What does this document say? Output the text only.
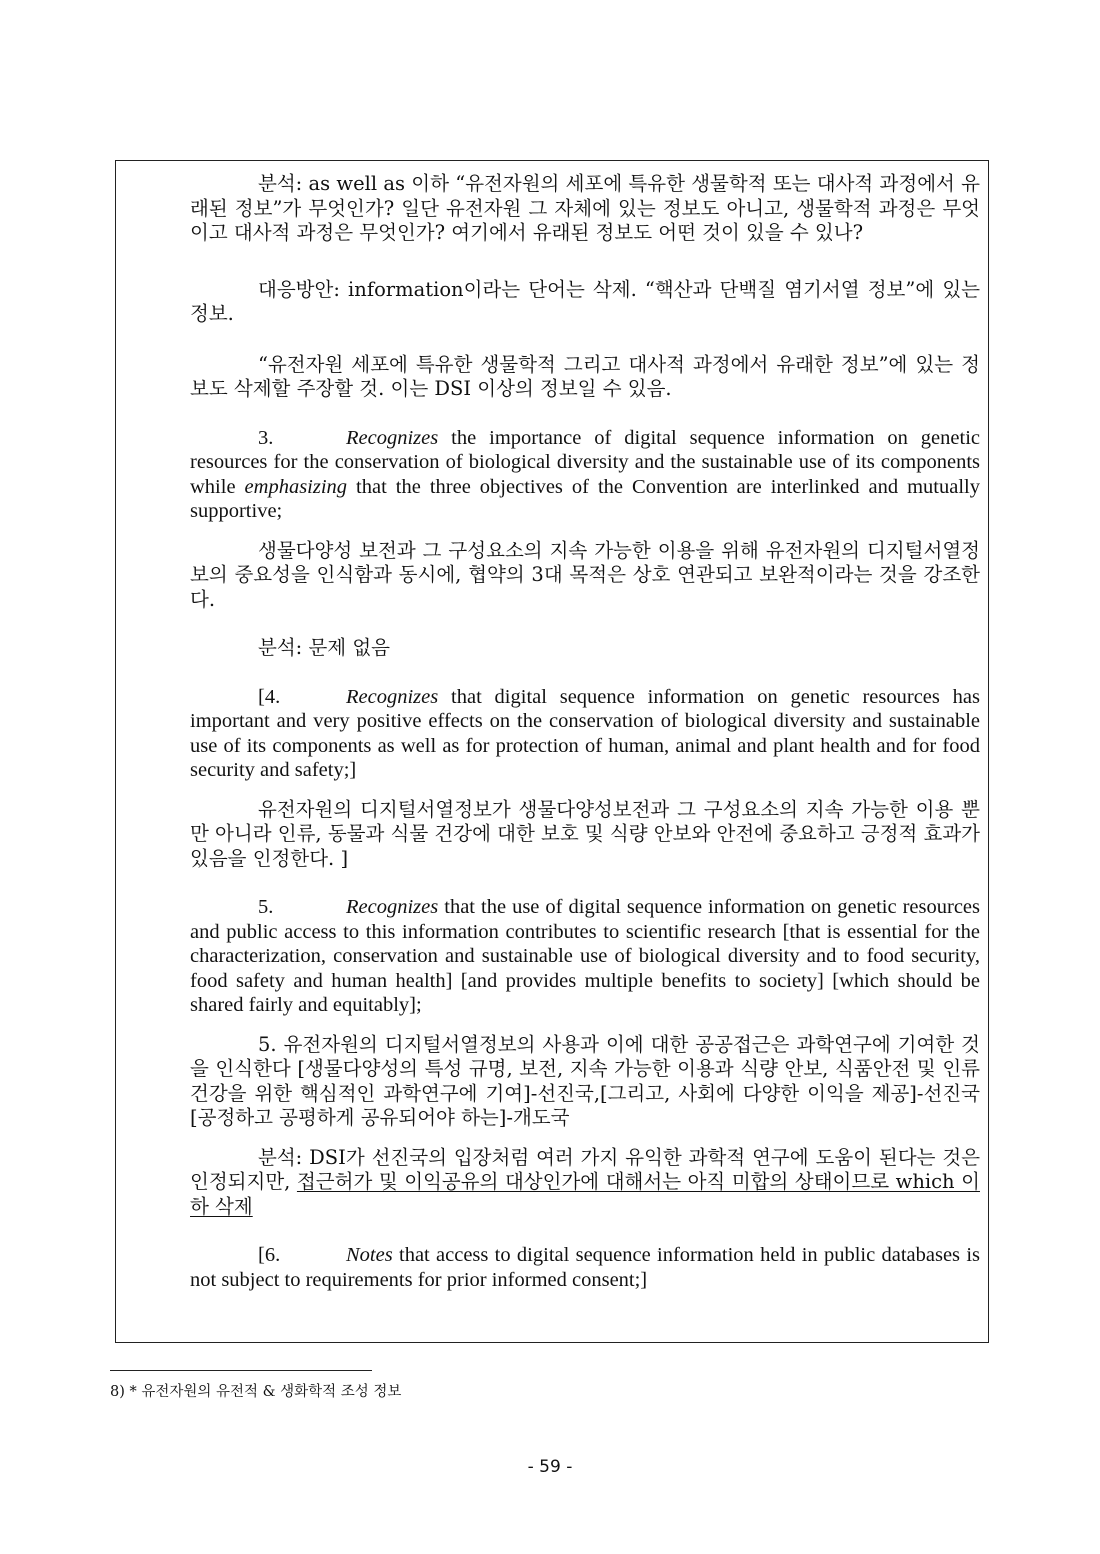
분석: as well as 이하 “유전자원의 세포에 특유한 생물학적 또는 대사적 과정에서 유래된 정보”가 무엇인가? 일단 유전자원 그 자체에 있는 정보도 아니고, 생물학적 과정은 무엇이고 대사적 과정은 무엇인가? 여기에서 유래된 정보도 어떤 것이 있을 수 있나?

대응방안: information이라는 단어는 삭제. “핵산과 단백질 염기서열 정보”에 있는 정보.

“유전자원 세포에 특유한 생물학적 그리고 대사적 과정에서 유래한 정보”에 있는 정보도 삭제할 주장할 것. 이는 DSI 이상의 정보일 수 있음.

3.	Recognizes the importance of digital sequence information on genetic resources for the conservation of biological diversity and the sustainable use of its components while emphasizing that the three objectives of the Convention are interlinked and mutually supportive;

생물다양성 보전과 그 구성요소의 지속 가능한 이용을 위해 유전자원의 디지털서열정보의 중요성을 인식함과 동시에, 협약의 3대 목적은 상호 연관되고 보완적이라는 것을 강조한다.

분석: 문제 없음

[4.	Recognizes that digital sequence information on genetic resources has important and very positive effects on the conservation of biological diversity and sustainable use of its components as well as for protection of human, animal and plant health and for food security and safety;]

유전자원의 디지털서열정보가 생물다양성보전과 그 구성요소의 지속 가능한 이용 뿐만 아니라 인류, 동물과 식물 건강에 대한 보호 및 식량 안보와 안전에 중요하고 긍정적 효과가 있음을 인정한다. ]

5.	Recognizes that the use of digital sequence information on genetic resources and public access to this information contributes to scientific research [that is essential for the characterization, conservation and sustainable use of biological diversity and to food security, food safety and human health] [and provides multiple benefits to society] [which should be shared fairly and equitably];

5. 유전자원의 디지털서열정보의 사용과 이에 대한 공공접근은 과학연구에 기여한 것을 인식한다 [생물다양성의 특성 규명, 보전, 지속 가능한 이용과 식량 안보, 식품안전 및 인류 건강을 위한 핵심적인 과학연구에 기여]-선진국,[그리고, 사회에 다양한 이익을 제공]-선진국 [공정하고 공평하게 공유되어야 하는]-개도국

분석: DSI가 선진국의 입장처럼 여러 가지 유익한 과학적 연구에 도움이 된다는 것은 인정되지만, 접근허가 및 이익공유의 대상인가에 대해서는 아직 미합의 상태이므로 which 이하 삭제

[6.	Notes that access to digital sequence information held in public databases is not subject to requirements for prior informed consent;]

8) * 유전자원의 유전적 & 생화학적 조성 정보
- 59 -
